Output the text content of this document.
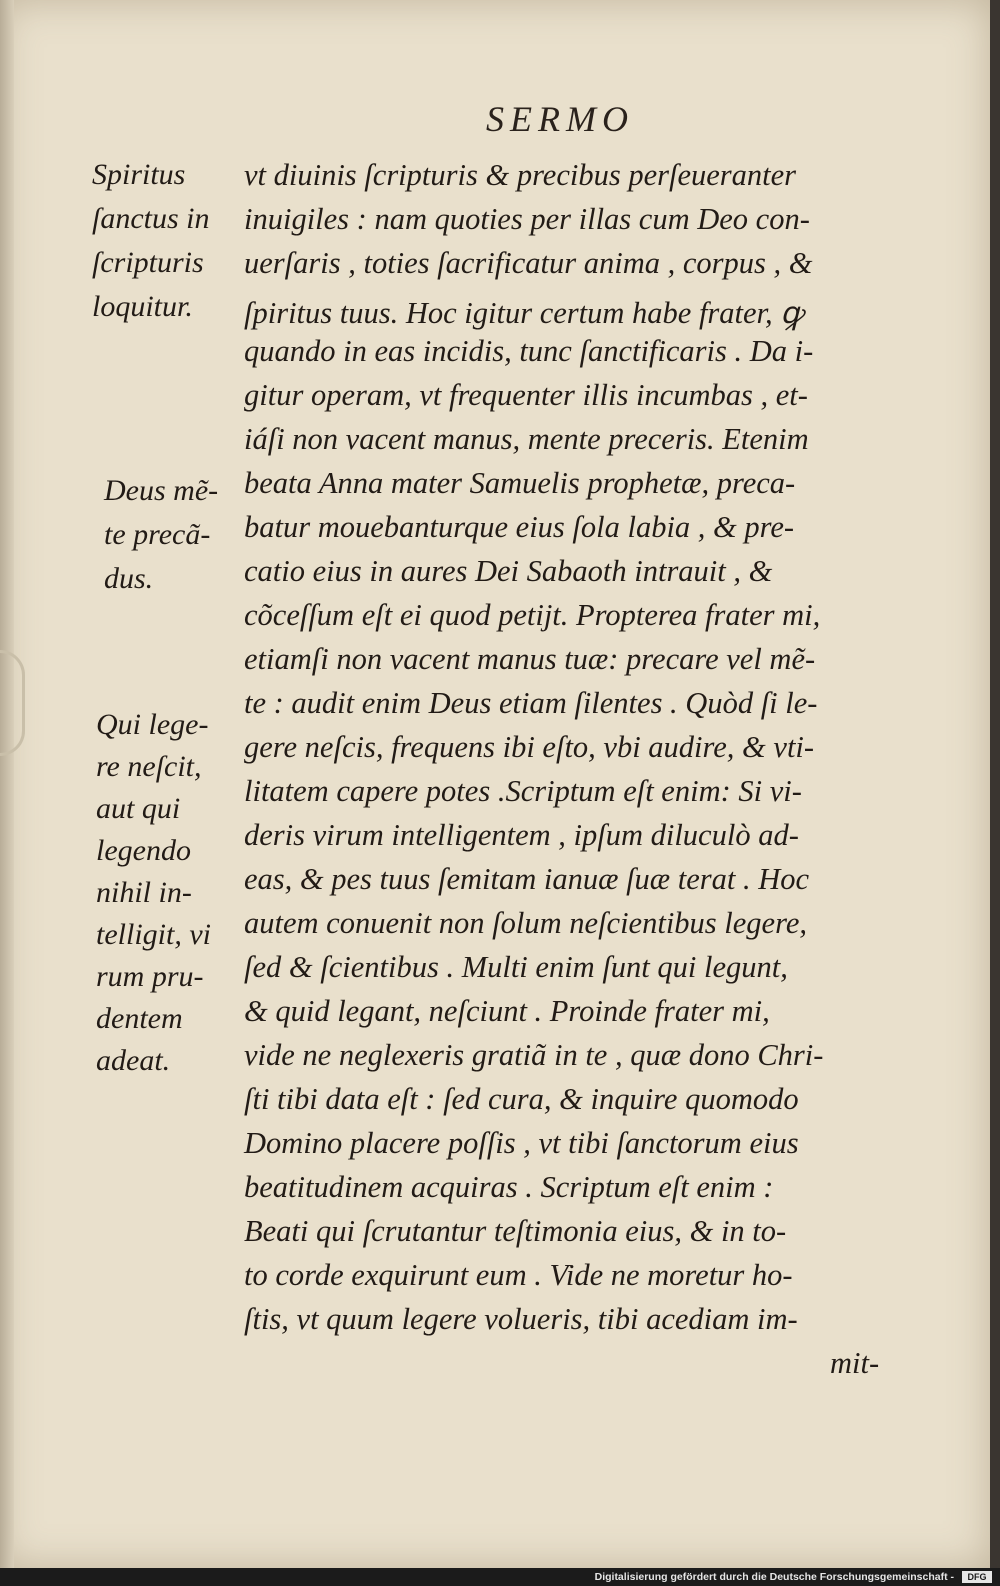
SERMO
vt diuinis ſcripturis & precibus perſeueranter
inuigiles : nam quoties per illas cum Deo con-
uerſaris , toties ſacrificatur anima , corpus , &
ſpiritus tuus. Hoc igitur certum habe frater, ꝙ
quando in eas incidis, tunc ſanctificaris . Da i-
gitur operam, vt frequenter illis incumbas , et-
iáſi non vacent manus, mente preceris. Etenim
beata Anna mater Samuelis prophetæ, preca-
batur mouebanturque eius ſola labia , & pre-
catio eius in aures Dei Sabaoth intrauit , &
cõceſſum eſt ei quod petijt. Propterea frater mi,
etiamſi non vacent manus tuæ: precare vel mẽ-
te : audit enim Deus etiam ſilentes . Quòd ſi le-
gere neſcis, frequens ibi eſto, vbi audire, & vti-
litatem capere potes .Scriptum eſt enim: Si vi-
deris virum intelligentem , ipſum diluculò ad-
eas, & pes tuus ſemitam ianuæ ſuæ terat . Hoc
autem conuenit non ſolum neſcientibus legere,
ſed & ſcientibus . Multi enim ſunt qui legunt,
& quid legant, neſciunt . Proinde frater mi,
vide ne neglexeris gratiã in te , quæ dono Chri-
ſti tibi data eſt : ſed cura, & inquire quomodo
Domino placere poſſis , vt tibi ſanctorum eius
beatitudinem acquiras . Scriptum eſt enim :
Beati qui ſcrutantur teſtimonia eius, & in to-
to corde exquirunt eum . Vide ne moretur ho-
ſtis, vt quum legere volueris, tibi acediam im-
mit-
Spiritus
ſanctus in
ſcripturis
loquitur.
Deus mẽ-
te precã-
dus.
Qui lege-
re neſcit,
aut qui
legendo
nihil in-
telligit, vi
rum pru-
dentem
adeat.
Digitalisierung gefördert durch die Deutsche Forschungsgemeinschaft -	DFG
